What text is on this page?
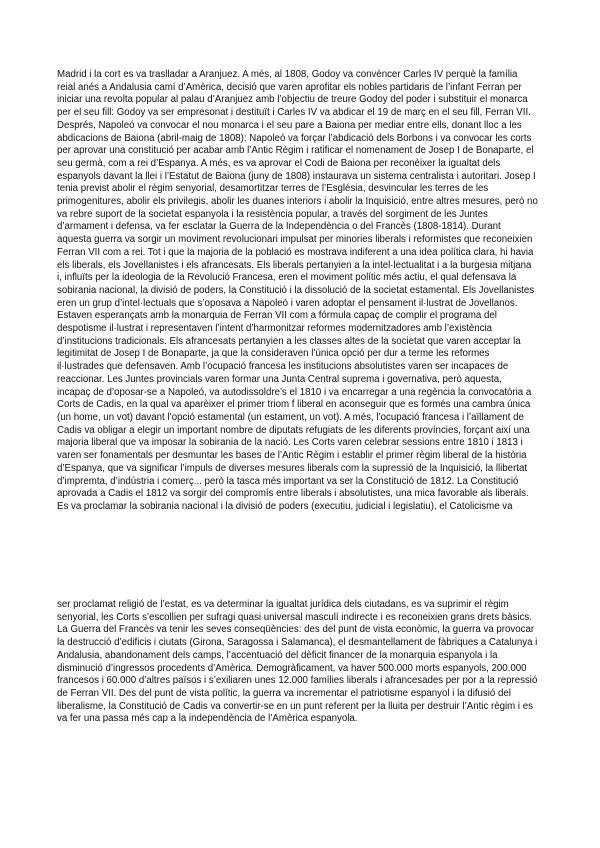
Madrid i la cort es va traslladar a Aranjuez. A més, al 1808, Godoy va convèncer Carles IV perquè la família
reial anés a Andalusia camí d’Amèrica, decisió que varen aprofitar els nobles partidaris de l’infant Ferran per
iniciar una revolta popular al palau d’Aranjuez amb l’objectiu de treure Godoy del poder i substituir el monarca
per el seu fill: Godoy va ser empresonat i destituït i Carles IV va abdicar el 19 de març en el seu fill, Ferran VII.
Després, Napoleó va convocar el nou monarca i el seu pare a Baiona per mediar entre ells, donant lloc a les
abdicacions de Baiona (abril-maig de 1808): Napoleó va forçar l’abdicació dels Borbons i va convocar les corts
per aprovar una constitució per acabar amb l’Antic Règim i ratificar el nomenament de Josep I de Bonaparte, el
seu germà, com a rei d’Espanya. A més, es va aprovar el Codi de Baiona per reconèixer la igualtat dels
espanyols davant la llei i l’Estatut de Baiona (juny de 1808) instaurava un sistema centralista i autoritari. Josep I
tenia previst abolir el règim senyorial, desamortitzar terres de l’Església, desvincular les terres de les
primogenitures, abolir els privilegis, abolir les duanes interiors i abolir la Inquisició, entre altres mesures, però no
va rebre suport de la societat espanyola i la resistència popular, a través del sorgiment de les Juntes
d’armament i defensa, va fer esclatar la Guerra de la Independència o del Francès (1808-1814). Durant
aquesta guerra va sorgir un moviment revolucionari impulsat per minories liberals i reformistes que reconeixien
Ferran VII com a rei. Tot i que la majoria de la població es mostrava indiferent a una idea política clara, hi havia
els liberals, els Jovellanistes i els afrancesats. Els liberals pertanyien a la intel·lectualitat i a la burgesia mitjana
i, influïts per la ideologia de la Revolució Francesa, eren el moviment polític més actiu, el qual defensava la
sobirania nacional, la divisió de poders, la Constitució i la dissolució de la societat estamental. Els Jovellanistes
eren un grup d’intel·lectuals que s’oposava a Napoleó i varen adoptar el pensament il·lustrat de Jovellanos.
Estaven esperançats amb la monarquia de Ferran VII com a fórmula capaç de complir el programa del
despotisme il·lustrat i representaven l’intent d’harmonitzar reformes modernitzadores amb l’existència
d’institucions tradicionals. Els afrancesats pertanyien a les classes altes de la societat que varen acceptar la
legitimitat de Josep I de Bonaparte, ja que la consideraven l’única opció per dur a terme les reformes
il·lustrades que defensaven. Amb l’ocupació francesa les institucions absolutistes varen ser incapaces de
reaccionar. Les Juntes provincials varen formar una Junta Central suprema i governativa, però aquesta,
incapaç de d’oposar-se a Napoleó, va autodissoldre’s el 1810 i va encarregar a una regència la convocatòria a
Corts de Cadis, en la qual va aparèixer el primer triom f liberal en aconseguir que es formés una cambra única
(un home, un vot) davant l’opció estamental (un estament, un vot). A més, l’ocupació francesa i l’aïllament de
Cadis va obligar a elegir un important nombre de diputats refugiats de les diferents províncies, forçant així una
majoria liberal que va imposar la sobirania de la nació. Les Corts varen celebrar sessions entre 1810 i 1813 i
varen ser fonamentals per desmuntar les bases de l’Antic Règim i establir el primer règim liberal de la història
d’Espanya, que va significar l’impuls de diverses mesures liberals com la supressió de la Inquisició, la llibertat
d’impremta, d’indústria i comerç... però la tasca més important va ser la Constitució de 1812. La Constitució
aprovada a Cadis el 1812 va sorgir del compromís entre liberals i absolutistes, una mica favorable als liberals.
Es va proclamar la sobirania nacional i la divisió de poders (executiu, judicial i legislatiu), el Catolicisme va
ser proclamat religió de l’estat, es va determinar la igualtat jurídica dels ciutadans, es va suprimir el règim
senyorial, les Corts s’escollien per sufragi quasi universal masculí indirecte i es reconeixien grans drets bàsics.
La Guerra del Francès va tenir les seves conseqüències: des del punt de vista econòmic, la guerra va provocar
la destrucció d’edificis i ciutats (Girona, Saragossa i Salamanca), el desmantellament de fàbriques a Catalunya i
Andalusia, abandonament dels camps, l’accentuació del dèficit financer de la monarquia espanyola i la
disminució d’ingressos procedents d’Amèrica. Demogràficament, va haver 500.000 morts espanyols, 200.000
francesos i 60.000 d’altres països i s’exiliaren unes 12.000 famílies liberals i afrancesades per por a la repressió
de Ferran VII. Des del punt de vista polític, la guerra va incrementar el patriotisme espanyol i la difusió del
liberalisme, la Constitució de Cadis va convertir-se en un punt referent per la lluita per destruir l’Antic règim i es
va fer una passa més cap a la independència de l’Amèrica espanyola.
